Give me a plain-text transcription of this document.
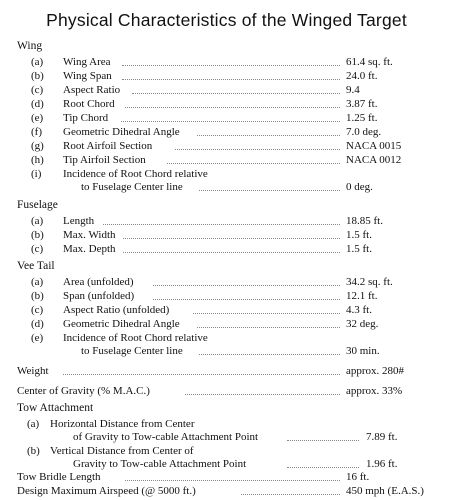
Physical Characteristics of the Winged Target
Wing
(a) Wing Area	61.4 sq. ft.
(b) Wing Span	24.0 ft.
(c) Aspect Ratio	9.4
(d) Root Chord	3.87 ft.
(e) Tip Chord	1.25 ft.
(f) Geometric Dihedral Angle	7.0 deg.
(g) Root Airfoil Section	NACA 0015
(h) Tip Airfoil Section	NACA 0012
(i) Incidence of Root Chord relative
to Fuselage Center line	0 deg.
Fuselage
(a) Length	18.85 ft.
(b) Max. Width	1.5 ft.
(c) Max. Depth	1.5 ft.
Vee Tail
(a) Area (unfolded)	34.2 sq. ft.
(b) Span (unfolded)	12.1 ft.
(c) Aspect Ratio (unfolded)	4.3 ft.
(d) Geometric Dihedral Angle	32 deg.
(e) Incidence of Root Chord relative
to Fuselage Center line	30 min.
Weight	approx. 280#
Center of Gravity (% M.A.C.)	approx. 33%
Tow Attachment
(a) Horizontal Distance from Center
of Gravity to Tow-cable Attachment Point	7.89 ft.
(b) Vertical Distance from Center of
Gravity to Tow-cable Attachment Point	1.96 ft.
Tow Bridle Length	16 ft.
Design Maximum Airspeed (@ 5000 ft.)	450 mph (E.A.S.)
